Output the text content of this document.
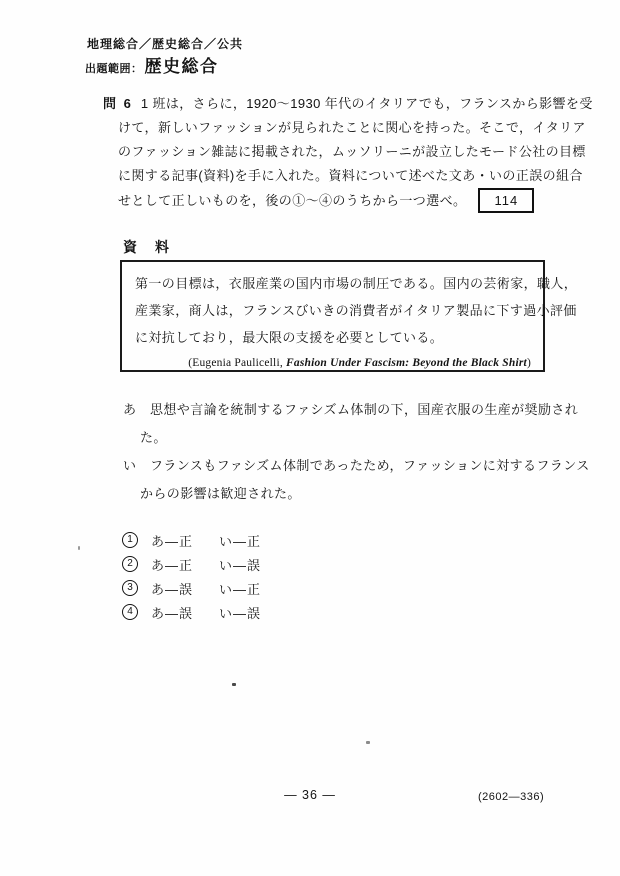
地理総合／歴史総合／公共
出題範囲： 歴史総合
問 6 1 班は，さらに，1920～1930 年代のイタリアでも，フランスから影響を受
けて，新しいファッションが見られたことに関心を持った。そこで，イタリア
のファッション雑誌に掲載された，ムッソリーニが設立したモード公社の目標
に関する記事(資料)を手に入れた。資料について述べた文あ・いの正誤の組合
せとして正しいものを，後の①～④のうちから一つ選べ。	114
資　料
第一の目標は，衣服産業の国内市場の制圧である。国内の芸術家，職人，
産業家，商人は，フランスびいきの消費者がイタリア製品に下す過小評価
に対抗しており，最大限の支援を必要としている。
(Eugenia Paulicelli, Fashion Under Fascism: Beyond the Black Shirt)
あ	思想や言論を統制するファシズム体制の下，国産衣服の生産が奨励され
た。
い	フランスもファシズム体制であったため，ファッションに対するフランス
からの影響は歓迎された。
1	あ―正	い―正
2	あ―正	い―誤
3	あ―誤	い―正
4	あ―誤	い―誤
― 36 ―	(2602―336)
